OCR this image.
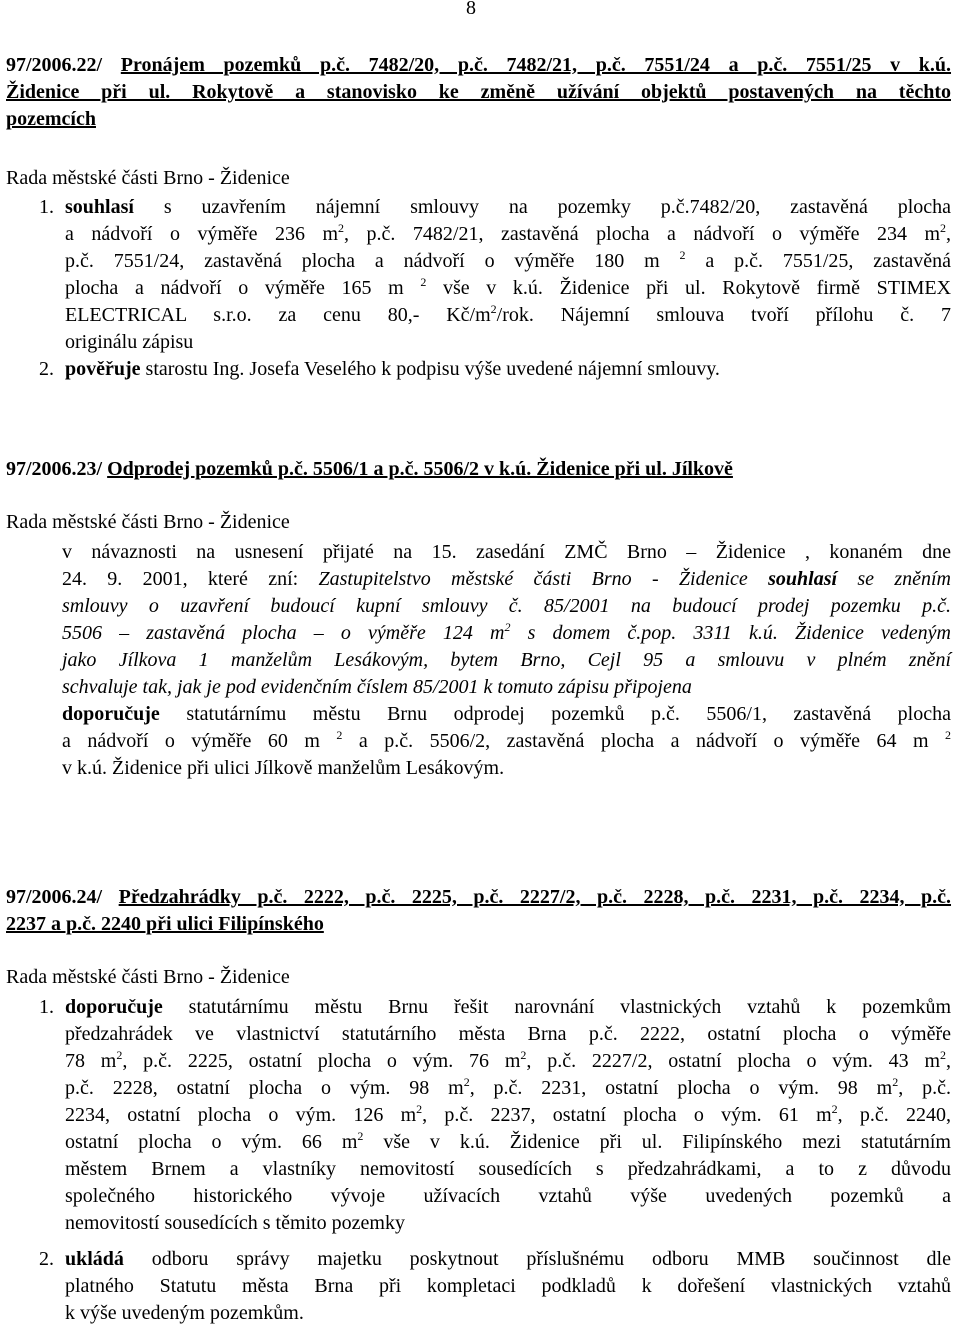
8
97/2006.22/ Pronájem pozemků p.č. 7482/20, p.č. 7482/21, p.č. 7551/24 a p.č. 7551/25 v k.ú.
Židenice při ul. Rokytově a stanovisko ke změně užívání objektů postavených na těchto
pozemcích
Rada městské části Brno - Židenice
1. souhlasí s uzavřením nájemní smlouvy na pozemky p.č.7482/20, zastavěná plocha
a nádvoří o výměře 236 $m^2$, p.č. 7482/21, zastavěná plocha a nádvoří o výměře 234 $m^2$,
p.č. 7551/24, zastavěná plocha a nádvoří o výměře 180 m $^2$ a p.č. 7551/25, zastavěná
plocha a nádvoří o výměře 165 m $^2$ vše v k.ú. Židenice při ul. Rokytově firmě STIMEX
ELECTRICAL s.r.o. za cenu 80,- $Kč/m^2$/rok. Nájemní smlouva tvoří přílohu č. 7
originálu zápisu
2. pověřuje starostu Ing. Josefa Veselého k podpisu výše uvedené nájemní smlouvy.
97/2006.23/ Odprodej pozemků p.č. 5506/1 a p.č. 5506/2 v k.ú. Židenice při ul. Jílkově
Rada městské části Brno - Židenice
v návaznosti na usnesení přijaté na 15. zasedání ZMČ Brno – Židenice , konaném dne
24. 9. 2001, které zní: Zastupitelstvo městské části Brno - Židenice souhlasí se zněním
smlouvy o uzavření budoucí kupní smlouvy č. 85/2001 na budoucí prodej pozemku p.č.
5506 – zastavěná plocha – o výměře 124 $m^2$ s domem č.pop. 3311 k.ú. Židenice vedeným
jako Jílkova 1 manželům Lesákovým, bytem Brno, Cejl 95 a smlouvu v plném znění
schvaluje tak, jak je pod evidenčním číslem 85/2001 k tomuto zápisu připojena
doporučuje statutárnímu městu Brnu odprodej pozemků p.č. 5506/1, zastavěná plocha
a nádvoří o výměře 60 m $^2$ a p.č. 5506/2, zastavěná plocha a nádvoří o výměře 64 m $^2$
v k.ú. Židenice při ulici Jílkově manželům Lesákovým.
97/2006.24/ Předzahrádky p.č. 2222, p.č. 2225, p.č. 2227/2, p.č. 2228, p.č. 2231, p.č. 2234, p.č.
2237 a p.č. 2240 při ulici Filipínského
Rada městské části Brno - Židenice
1. doporučuje statutárnímu městu Brnu řešit narovnání vlastnických vztahů k pozemkům
předzahrádek ve vlastnictví statutárního města Brna p.č. 2222, ostatní plocha o výměře
78 $m^2$, p.č. 2225, ostatní plocha o vým. 76 $m^2$, p.č. 2227/2, ostatní plocha o vým. 43 $m^2$,
p.č. 2228, ostatní plocha o vým. 98 $m^2$, p.č. 2231, ostatní plocha o vým. 98 $m^2$, p.č.
2234, ostatní plocha o vým. 126 $m^2$, p.č. 2237, ostatní plocha o vým. 61 $m^2$, p.č. 2240,
ostatní plocha o vým. 66 $m^2$ vše v k.ú. Židenice při ul. Filipínského mezi statutárním
městem Brnem a vlastníky nemovitostí sousedících s předzahrádkami, a to z důvodu
společného historického vývoje užívacích vztahů výše uvedených pozemků a
nemovitostí sousedících s těmito pozemky
2. ukládá odboru správy majetku poskytnout příslušnému odboru MMB součinnost dle
platného Statutu města Brna při kompletaci podkladů k dořešení vlastnických vztahů
k výše uvedeným pozemkům.
